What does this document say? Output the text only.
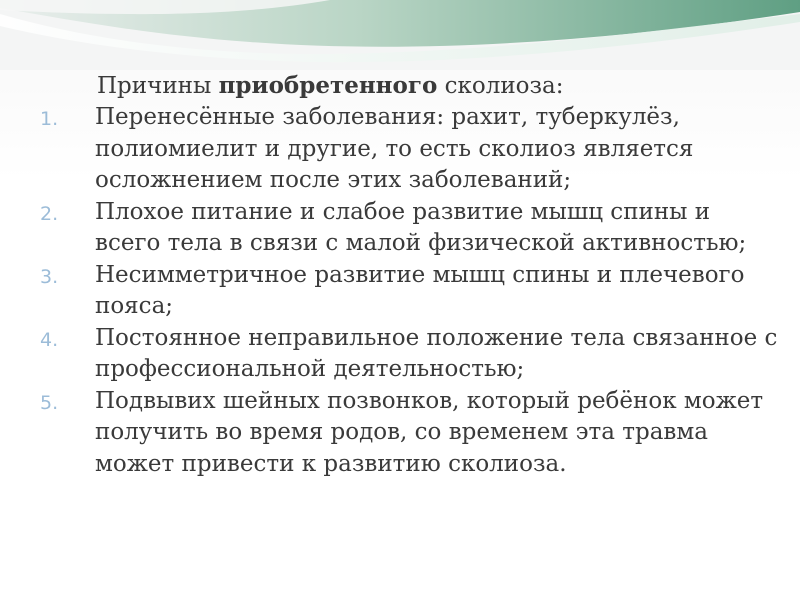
Причины приобретенного сколиоза:

1. Перенесённые заболевания: рахит, туберкулёз, полиомиелит и другие, то есть сколиоз является осложнением после этих заболеваний;
2. Плохое питание и слабое развитие мышц спины и всего тела в связи с малой физической активностью;
3. Несимметричное развитие мышц спины и плечевого пояса;
4. Постоянное неправильное положение тела связанное с профессиональной деятельностью;
5. Подвывих шейных позвонков, который ребёнок может получить во время родов, со временем эта травма может привести к развитию сколиоза.
